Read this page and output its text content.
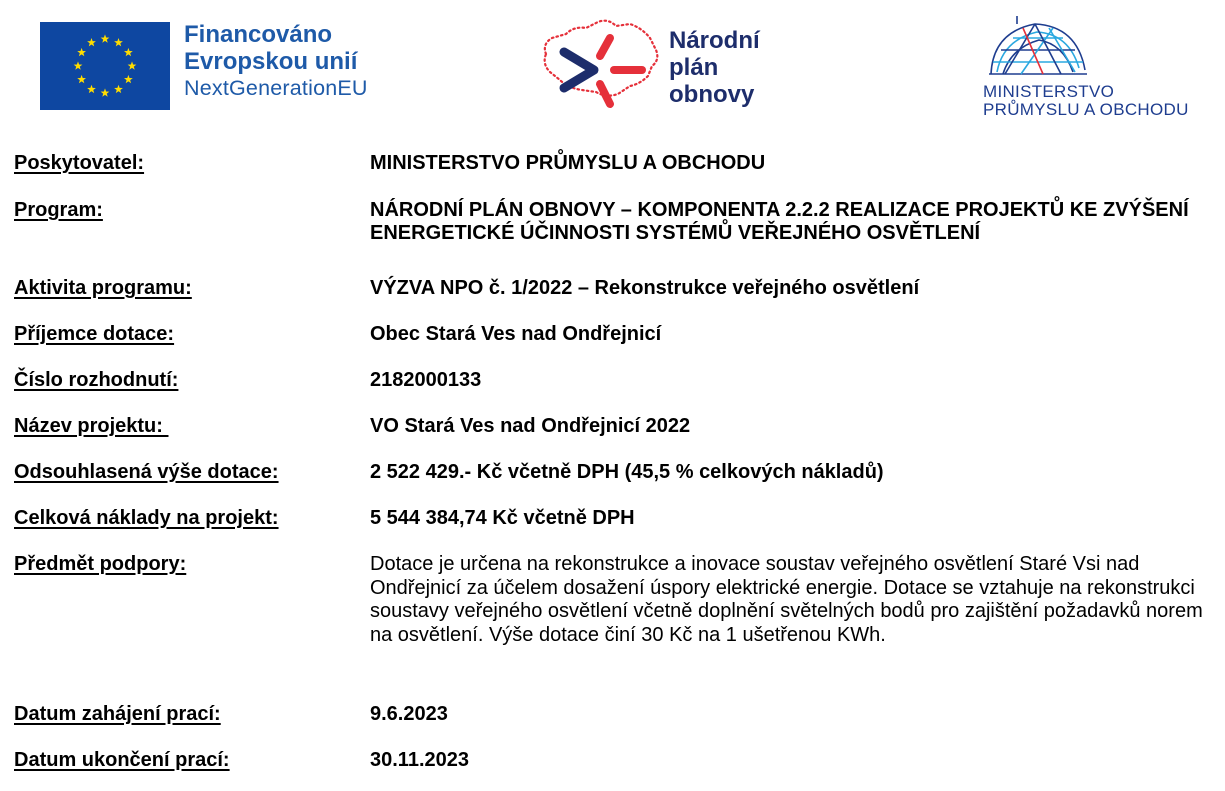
Financováno
Evropskou unií
NextGenerationEU
Národní
plán
obnovy	MINISTERSTVO
PRŮMYSLU A OBCHODU
Poskytovatel:	MINISTERSTVO PRŮMYSLU A OBCHODU
Program:	NÁRODNÍ PLÁN OBNOVY – KOMPONENTA 2.2.2 REALIZACE PROJEKTŮ KE ZVÝŠENÍ ENERGETICKÉ ÚČINNOSTI SYSTÉMŮ VEŘEJNÉHO OSVĚTLENÍ
Aktivita programu:	VÝZVA NPO č. 1/2022 – Rekonstrukce veřejného osvětlení
Příjemce dotace:	Obec Stará Ves nad Ondřejnicí
Číslo rozhodnutí:	2182000133
Název projektu:	VO Stará Ves nad Ondřejnicí 2022
Odsouhlasená výše dotace:	2 522 429.- Kč včetně DPH (45,5 % celkových nákladů)
Celková náklady na projekt:	5 544 384,74 Kč včetně DPH
Předmět podpory:	Dotace je určena na rekonstrukce a inovace soustav veřejného osvětlení Staré Vsi nad Ondřejnicí za účelem dosažení úspory elektrické energie. Dotace se vztahuje na rekonstrukci soustavy veřejného osvětlení včetně doplnění světelných bodů pro zajištění požadavků norem na osvětlení. Výše dotace činí 30 Kč na 1 ušetřenou KWh.
Datum zahájení prací:	9.6.2023
Datum ukončení prací:	30.11.2023
